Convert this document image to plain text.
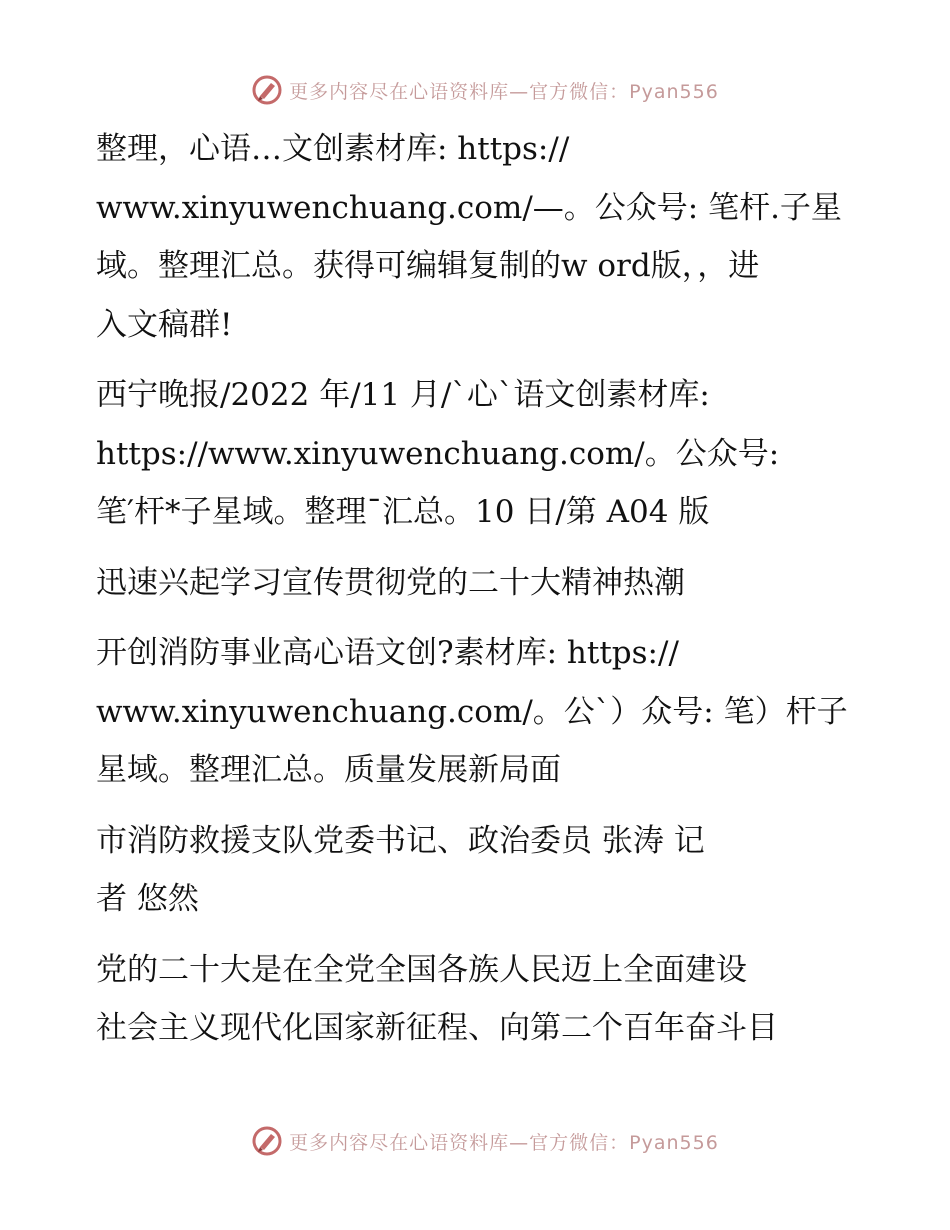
更多内容尽在心语资料库—官方微信：Pyan556
整理，心语…文创素材库: https://
www.xinyuwenchuang.com/—。公众号: 笔杆.子星
域。整理汇总。获得可编辑复制的w ord版，，进
入文稿群!
西宁晚报/2022 年/11 月/`心`语文创素材库:
https://www.xinyuwenchuang.com/。公众号:
笔′杆*子星域。整理¯汇总。10 日/第 A04 版
迅速兴起学习宣传贯彻党的二十大精神热潮
开创消防事业高心语文创?素材库: https://
www.xinyuwenchuang.com/。公`）众号: 笔）杆子
星域。整理汇总。质量发展新局面
市消防救援支队党委书记、政治委员 张涛 记
者 悠然
党的二十大是在全党全国各族人民迈上全面建设
社会主义现代化国家新征程、向第二个百年奋斗目
更多内容尽在心语资料库—官方微信：Pyan556
